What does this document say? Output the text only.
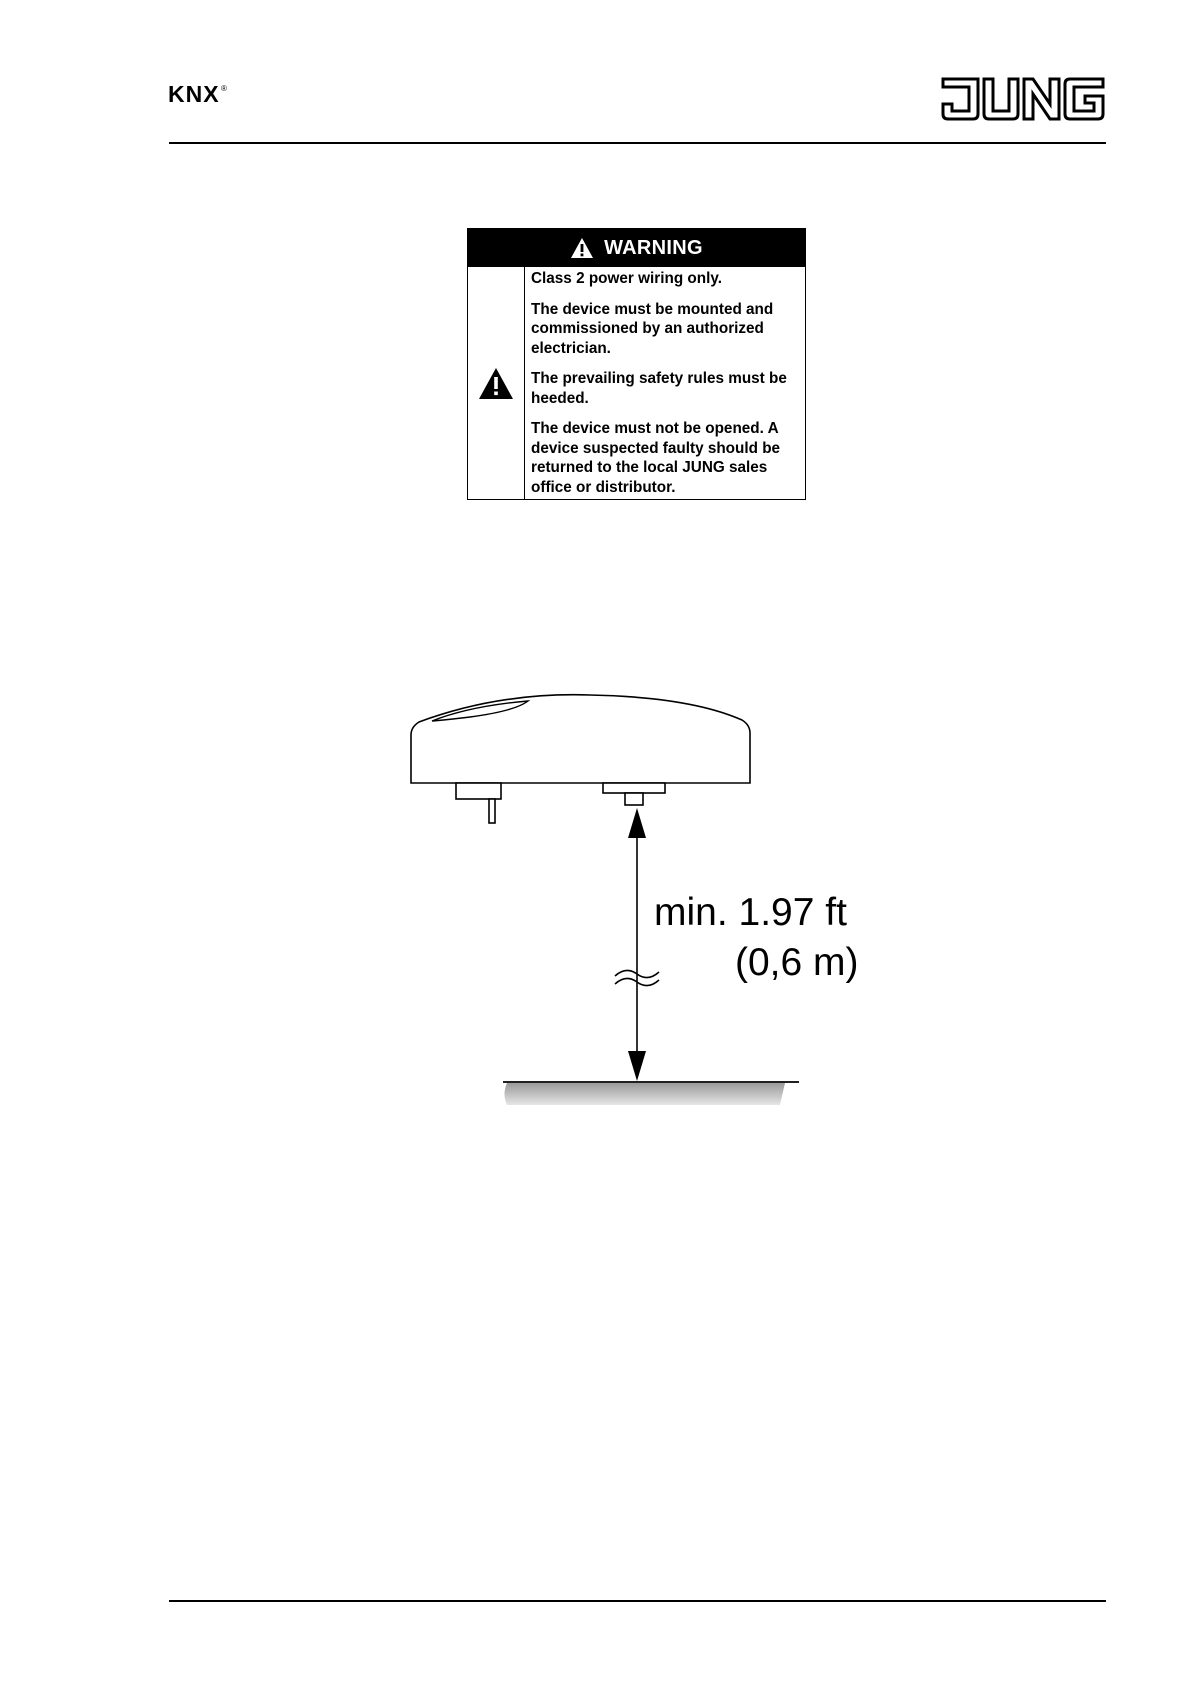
KNX ®
JUNG
WARNING

Class 2 power wiring only.

The device must be mounted and commissioned by an authorized electrician.

The prevailing safety rules must be heeded.

The device must not be opened. A device suspected faulty should be returned to the local JUNG sales office or distributor.

min. 1.97 ft
(0,6 m)
